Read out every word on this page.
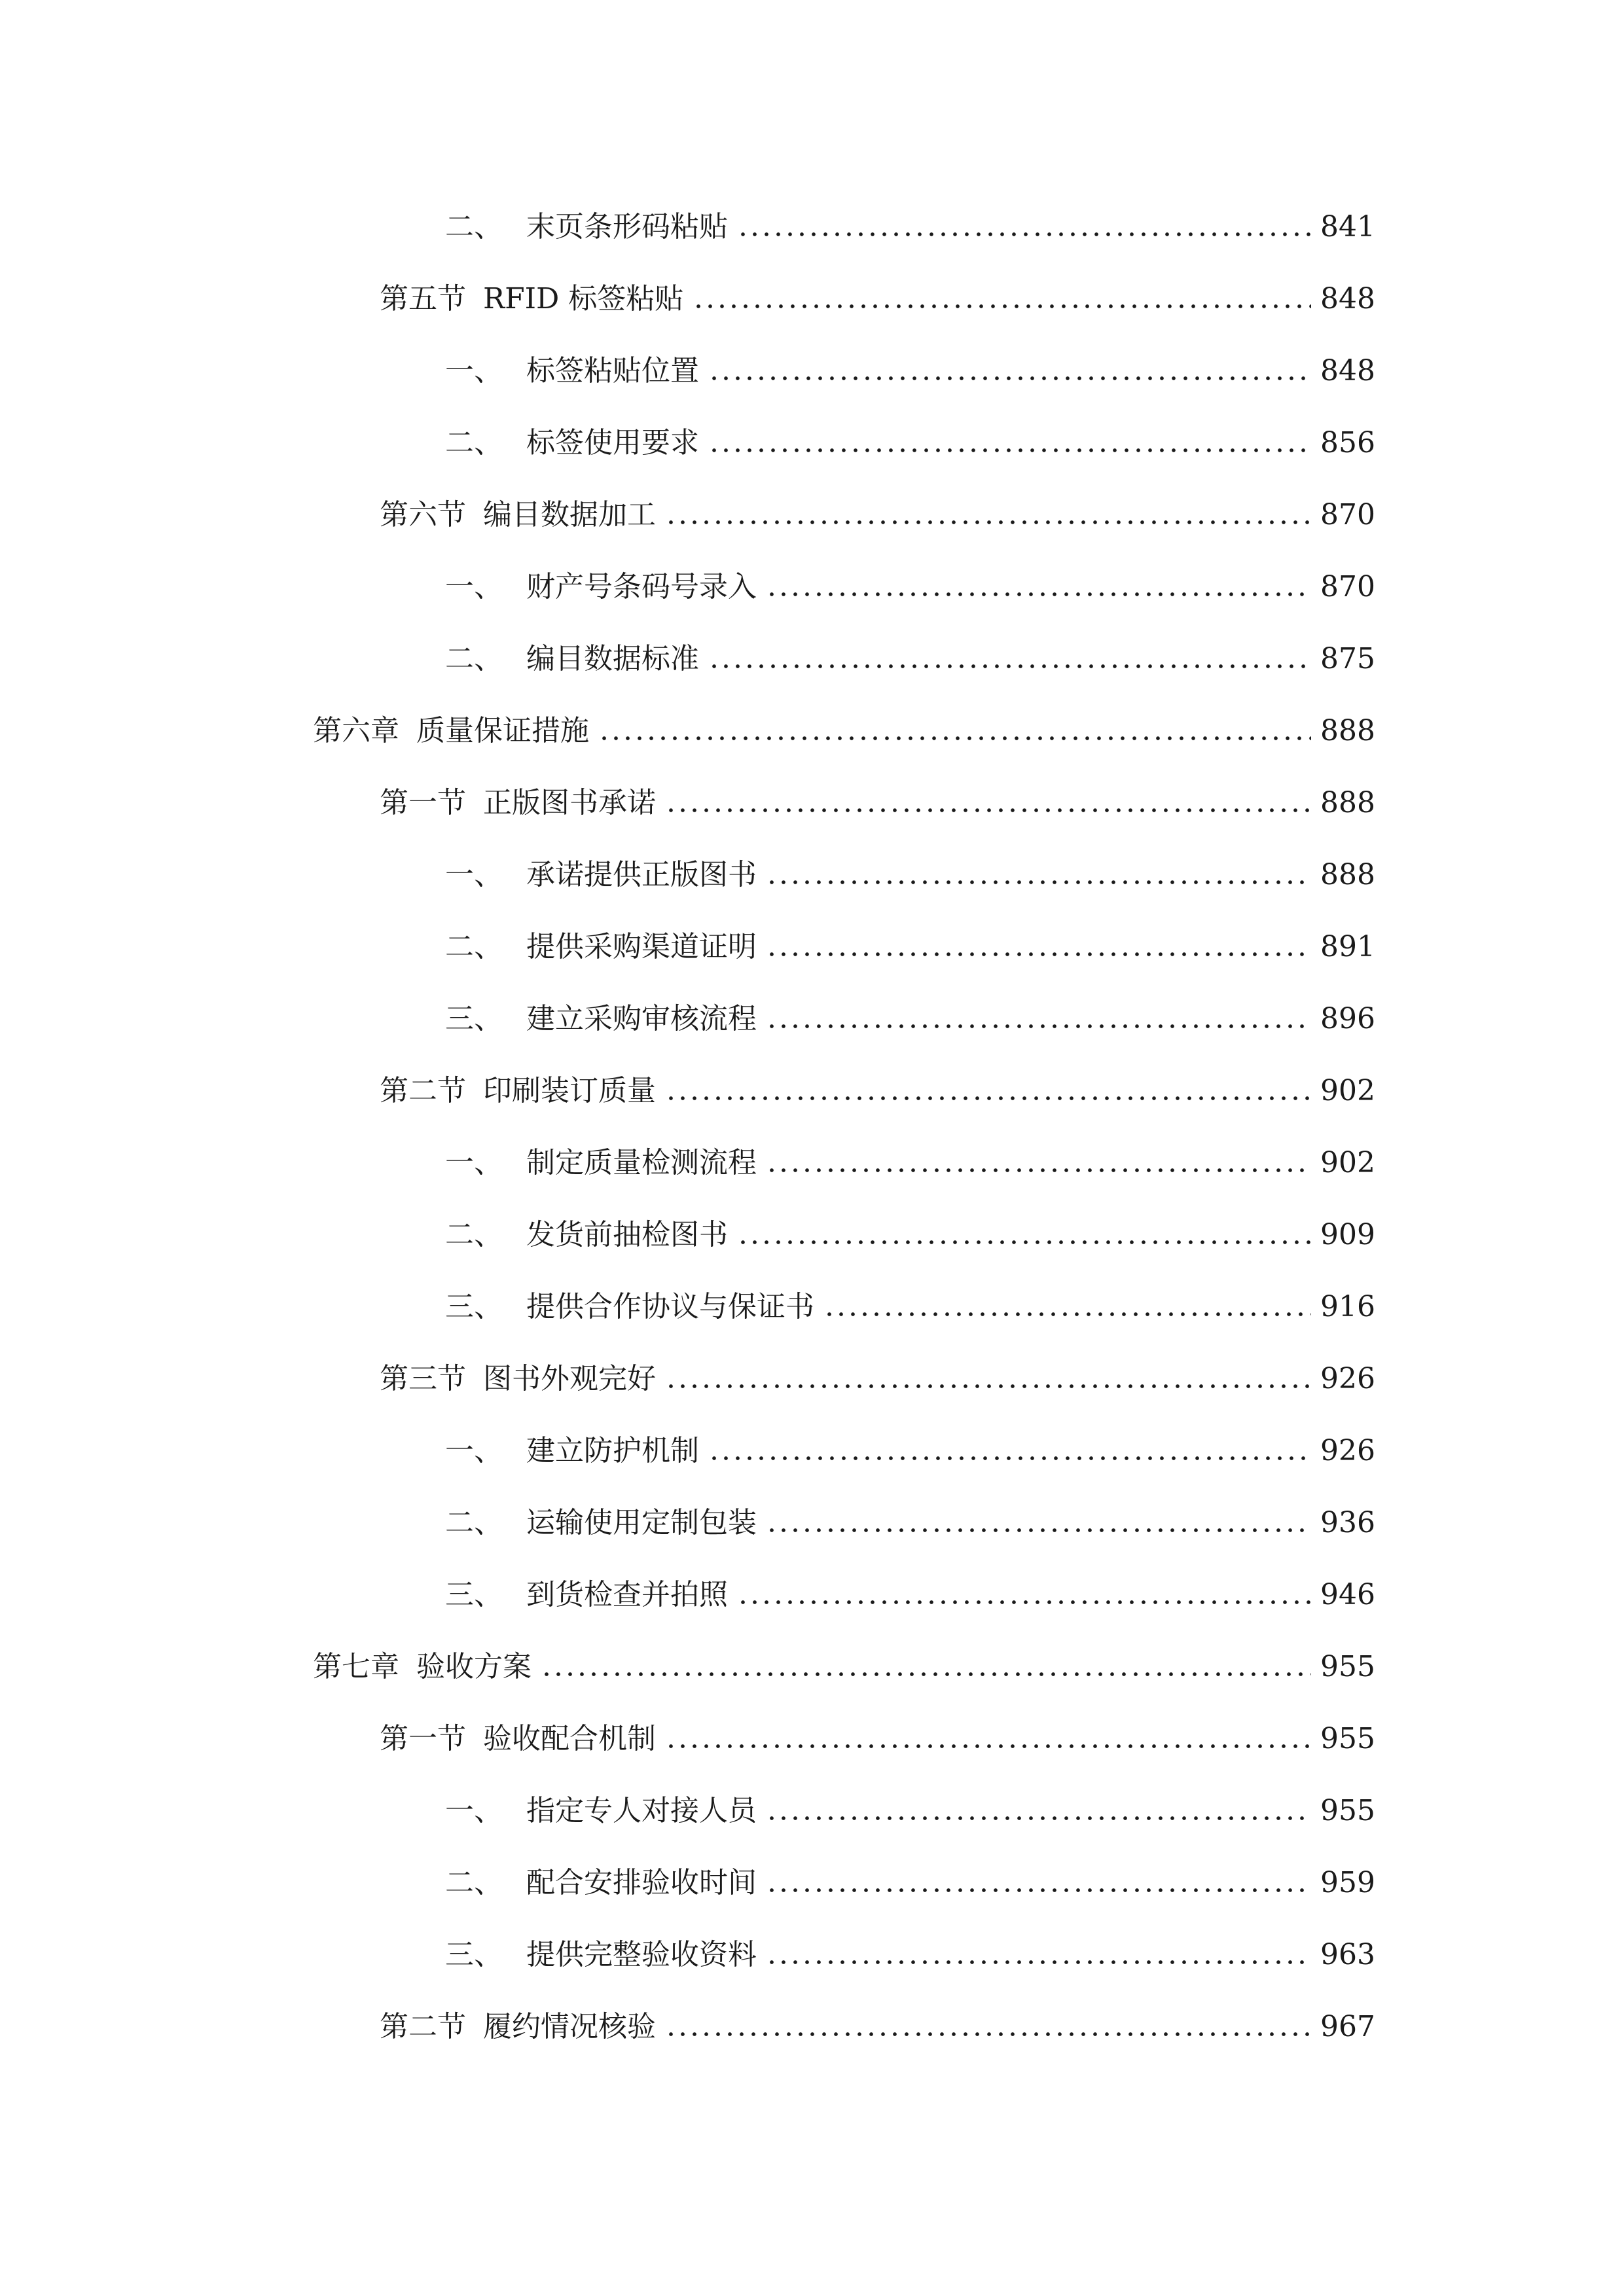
二、 末页条形码粘贴	841
第五节 RFID 标签粘贴	848
一、 标签粘贴位置	848
二、 标签使用要求	856
第六节 编目数据加工	870
一、 财产号条码号录入	870
二、 编目数据标准	875
第六章 质量保证措施	888
第一节 正版图书承诺	888
一、 承诺提供正版图书	888
二、 提供采购渠道证明	891
三、 建立采购审核流程	896
第二节 印刷装订质量	902
一、 制定质量检测流程	902
二、 发货前抽检图书	909
三、 提供合作协议与保证书	916
第三节 图书外观完好	926
一、 建立防护机制	926
二、 运输使用定制包装	936
三、 到货检查并拍照	946
第七章 验收方案	955
第一节 验收配合机制	955
一、 指定专人对接人员	955
二、 配合安排验收时间	959
三、 提供完整验收资料	963
第二节 履约情况核验	967
